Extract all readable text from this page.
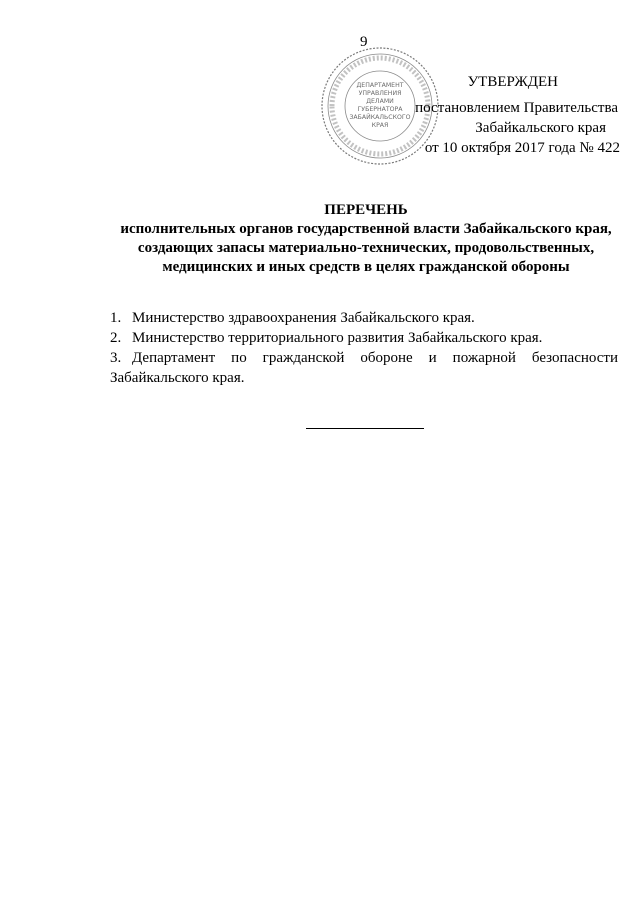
9
ДЕПАРТАМЕНТ
УПРАВЛЕНИЯ
ДЕЛАМИ
ГУБЕРНАТОРА
ЗАБАЙКАЛЬСКОГО
КРАЯ
УТВЕРЖДЕН
постановлением Правительства
Забайкальского края
от 10 октября 2017 года № 422
ПЕРЕЧЕНЬ
исполнительных органов государственной власти Забайкальского края,
создающих запасы материально-технических, продовольственных,
медицинских и иных средств в целях гражданской обороны
1. Министерство здравоохранения Забайкальского края.
2. Министерство территориального развития Забайкальского края.
3. Департамент по гражданской обороне и пожарной безопасности Забайкальского края.
